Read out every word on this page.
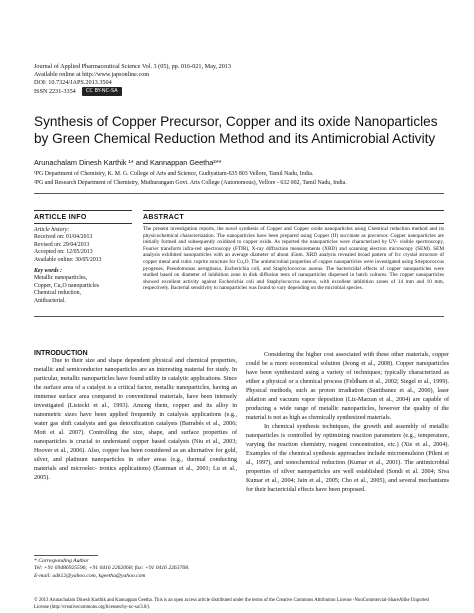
Journal of Applied Pharmaceutical Science Vol. 3 (05), pp. 016-021, May, 2013
Available online at http://www.japsonline.com
DOI: 10.7324/JAPS.2013.3504
ISSN 2231-3354 CC BY-NC-SA
Synthesis of Copper Precursor, Copper and its oxide Nanoparticles by Green Chemical Reduction Method and its Antimicrobial Activity
Arunachalam Dinesh Karthik ¹* and Kannappan Geetha²**
¹PG Department of Chemistry, K. M. G. College of Arts and Science, Gudiyattam-635 803 Vellore, Tamil Nadu, India.
²PG and Research Department of Chemistry, Muthurangam Govt. Arts College (Autonomous), Vellore - 632 002, Tamil Nadu, India.
ARTICLE INFO
Article history:
Received on: 01/04/2013
Revised on: 29/04/2013
Accepted on: 12/05/2013
Available online: 30/05/2013
Key words :
Metallic nanoparticles,
Copper, Cu₂O nanoparticles
Chemical reduction,
Antibacterial.
ABSTRACT
The present investigation reports, the novel synthesis of Copper and Copper oxide nanoparticles using Chemical reduction method and its physicochemical characterization. The nanoparticles have been prepared using Copper (II) succinate as precursor. Copper nanoparticles are initially formed and subsequently oxidized to copper oxide. As reported the nanoparticles were characterized by UV- visible spectroscopy, Fourier transform infra-red spectroscopy (FTIR), X-ray diffraction measurements (XRD) and scanning electron microscopy (SEM). SEM analysis exhibited nanoparticles with an average diameter of about 45nm. XRD analysis revealed broad pattern of fcc crystal structure of copper metal and cubic cuprite structure for Cu₂O. The antimicrobial properties of copper nanoparticles were investigated using Streptococcus pyogenes, Pseudomonas aeruginosa, Escherichia coli, and Staphylococcus aureus. The bactericidal effects of copper nanoparticles were studied based on diameter of inhibition zone in disk diffusion tests of nanoparticles dispersed in batch cultures. The copper nanoparticles showed excellent activity against Escherichia coli and Staphylococcus aureus, with excellent inhibition zones of 14 mm and 10 mm, respectively. Bacterial sensitivity to nanoparticles was found to vary depending on the microbial species.
INTRODUCTION

Due to their size and shape dependent physical and chemical properties, metallic and semiconductor nanoparticles are an interesting material for study. In particular, metallic nanoparticles have found utility in catalytic applications. Since the surface area of a catalyst is a critical factor, metallic nanoparticles, having an immense surface area compared to conventional materials, have been intensely investigated (Lisiecki et al., 1993). Among them, copper and its alloy in nanometric sizes have been applied frequently in catalysis applications (e.g., water gas shift catalysts and gas detoxification catalysts (Barrabés et al., 2006; Mott et al. 2007). Controlling the size, shape, and surface properties of nanoparticles is crucial to understand copper based catalysts (Niu et al., 2003; Hoover et al., 2006). Also, copper has been considered as an alternative for gold, silver, and platinum nanoparticles in other areas (e.g., thermal conducting materials and microelec- tronics applications) (Eastman et al., 2001; Lu et al., 2005).

Considering the higher cost associated with these other materials, copper could be a more economical solution (Jeong et al., 2008). Copper nanoparticles have been synthesized using a variety of techniques; typically characterized as either a physical or a chemical process (Feldham et al., 2002; Siegel et al., 1999). Physical methods, such as proton irradiation (Santibanez et al., 2000), laser ablation and vacuum vapor deposition (Liz-Marzan et al., 2004) are capable of producing a wide range of metallic nanoparticles, however the quality of the material is not as high as chemically synthesized materials.

In chemical synthesis techniques, the growth and assembly of metallic nanoparticles is controlled by optimizing reaction parameters (e.g., temperature, varying the reaction chemistry, reagent concentration, etc.) (Xie et al., 2004). Examples of the chemical synthesis approaches include microemulsion (Pileni et al., 1997), and sonochemical reduction (Kumar et al., 2001). The antimicrobial properties of silver nanoparticles are well established (Sondi et al. 2004; Siva Kumar et al., 2004; Jain et al., 2005; Cho et al., 2005), and several mechanisms for their bactericidal effects have been proposed.

* Corresponding Author
Tel: +91 09486925596; +91 0416 2262068; fax: +91 0416 2263768.
E-mail: adk12@yahoo.com, kgeetha@yahoo.com
© 2013 Arunachalam Dinesh Karthik and Kannappan Geetha. This is an open access article distributed under the terms of the Creative Commons Attribution License -NonCommercial-ShareAlike Unported License (http://creativecommons.org/licenses/by-nc-sa/3.0/).
